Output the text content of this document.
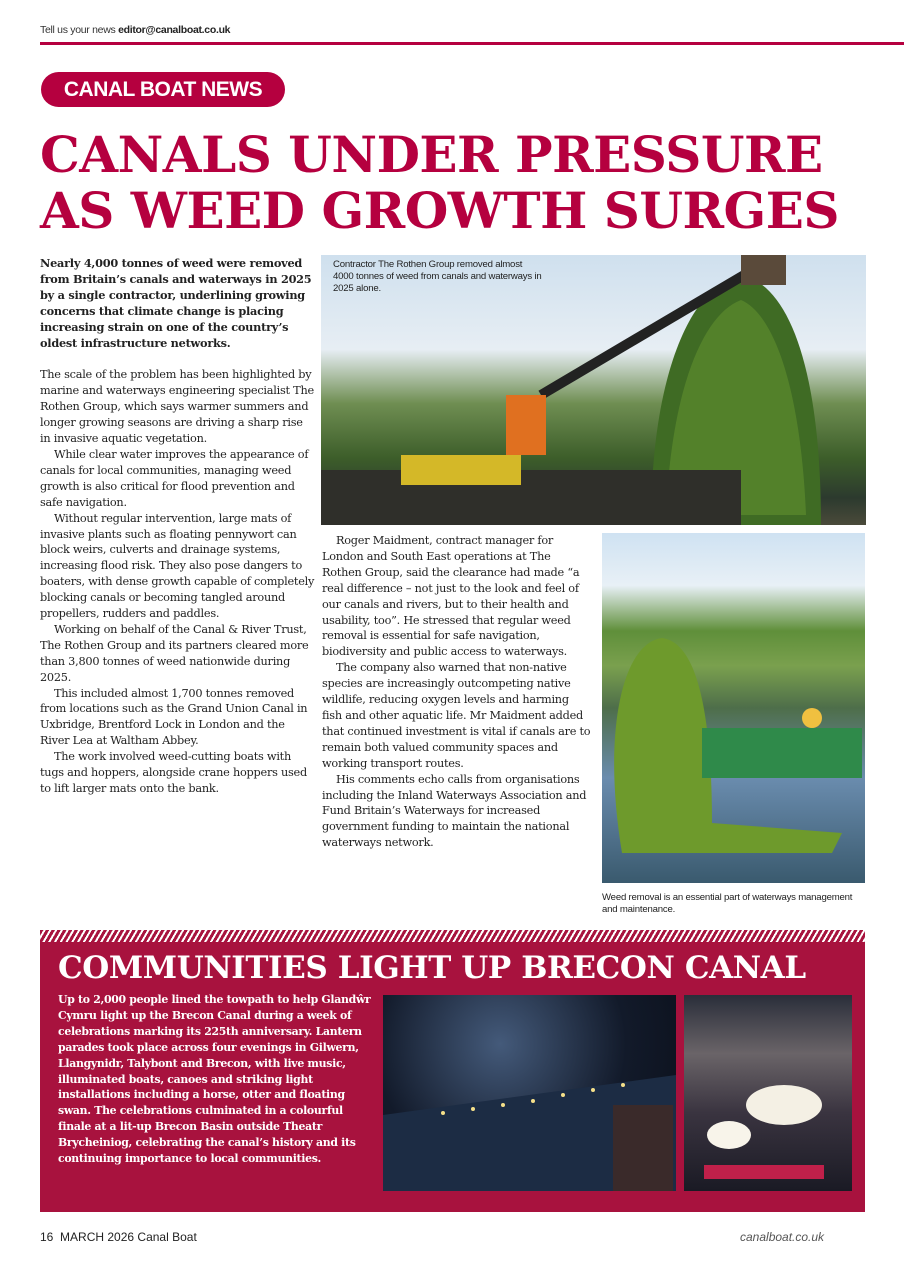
Tell us your news editor@canalboat.co.uk
CANAL BOAT NEWS
CANALS UNDER PRESSURE
AS WEED GROWTH SURGES

Nearly 4,000 tonnes of weed were removed from Britain’s canals and waterways in 2025 by a single contractor, underlining growing concerns that climate change is placing increasing strain on one of the country’s oldest infrastructure networks.

The scale of the problem has been highlighted by marine and waterways engineering specialist The Rothen Group, which says warmer summers and longer growing seasons are driving a sharp rise in invasive aquatic vegetation.

While clear water improves the appearance of canals for local communities, managing weed growth is also critical for flood prevention and safe navigation.

Without regular intervention, large mats of invasive plants such as floating pennywort can block weirs, culverts and drainage systems, increasing flood risk. They also pose dangers to boaters, with dense growth capable of completely blocking canals or becoming tangled around propellers, rudders and paddles.

Working on behalf of the Canal & River Trust, The Rothen Group and its partners cleared more than 3,800 tonnes of weed nationwide during 2025.

This included almost 1,700 tonnes removed from locations such as the Grand Union Canal in Uxbridge, Brentford Lock in London and the River Lea at Waltham Abbey.

The work involved weed-cutting boats with tugs and hoppers, alongside crane hoppers used to lift larger mats onto the bank.

Contractor The Rothen Group removed almost 4000 tonnes of weed from canals and waterways in 2025 alone.

Roger Maidment, contract manager for London and South East operations at The Rothen Group, said the clearance had made “a real difference – not just to the look and feel of our canals and rivers, but to their health and usability, too”. He stressed that regular weed removal is essential for safe navigation, biodiversity and public access to waterways.

The company also warned that non-native species are increasingly outcompeting native wildlife, reducing oxygen levels and harming fish and other aquatic life. Mr Maidment added that continued investment is vital if canals are to remain both valued community spaces and working transport routes.

His comments echo calls from organisations including the Inland Waterways Association and Fund Britain’s Waterways for increased government funding to maintain the national waterways network.

Weed removal is an essential part of waterways management and maintenance.
COMMUNITIES LIGHT UP BRECON CANAL

Up to 2,000 people lined the towpath to help Glandŵr Cymru light up the Brecon Canal during a week of celebrations marking its 225th anniversary. Lantern parades took place across four evenings in Gilwern, Llangynidr, Talybont and Brecon, with live music, illuminated boats, canoes and striking light installations including a horse, otter and floating swan. The celebrations culminated in a colourful finale at a lit-up Brecon Basin outside Theatr Brycheiniog, celebrating the canal’s history and its continuing importance to local communities.

16 MARCH 2026 Canal Boat	canalboat.co.uk
